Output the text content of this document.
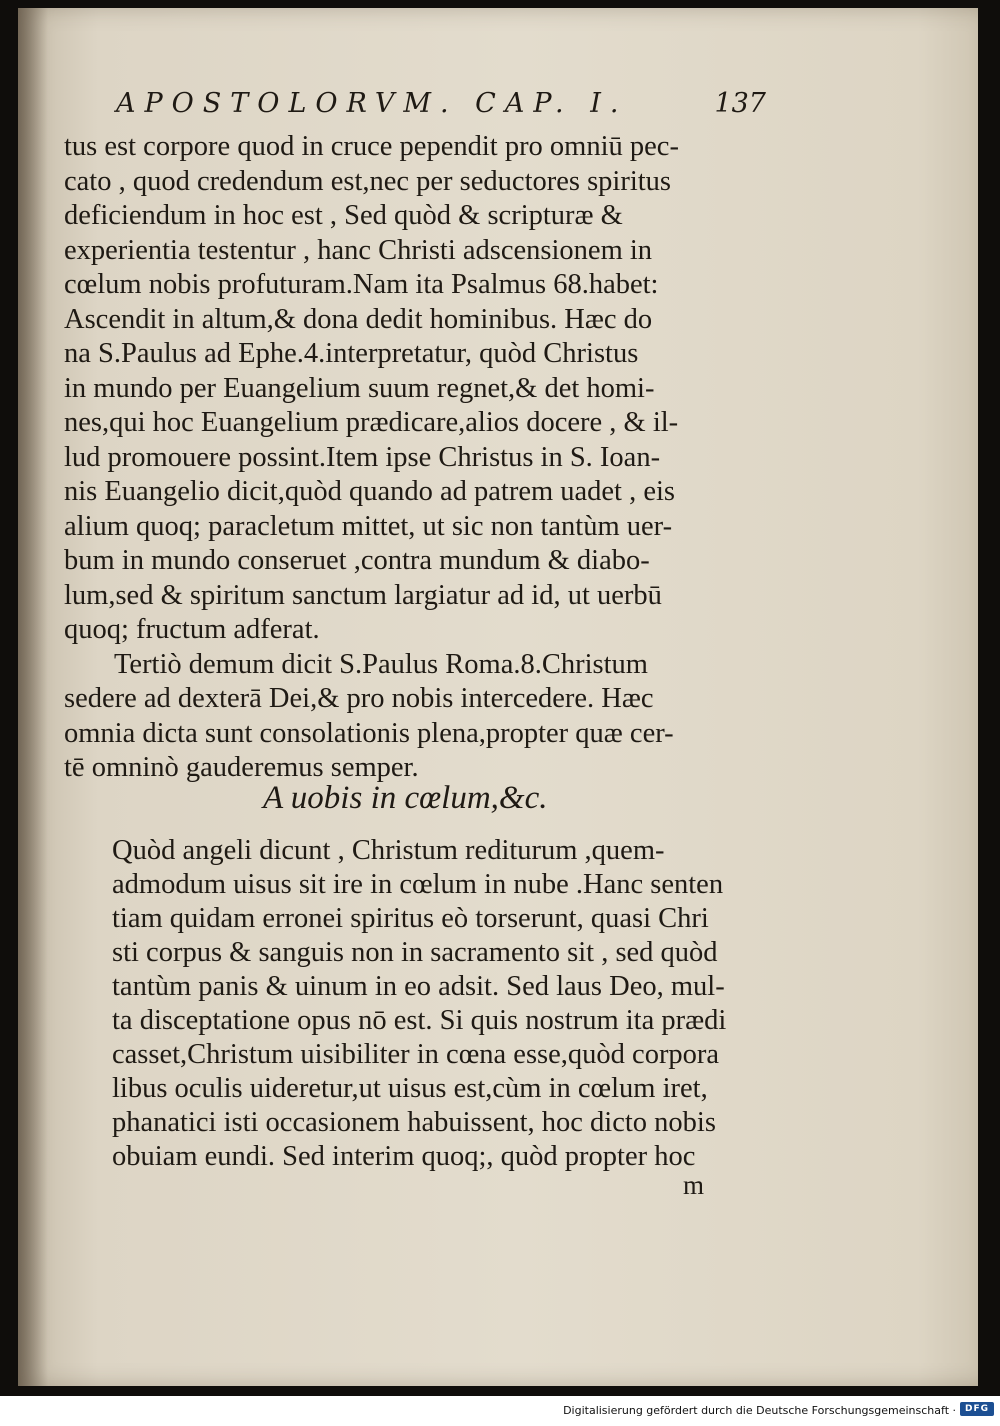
APOSTOLORVM. CAP. I.	137
tus est corpore quod in cruce pependit pro omniū pec-
cato , quod credendum est,nec per seductores spiritus
deficiendum in hoc est , Sed quòd & scripturæ &
experientia testentur , hanc Christi adscensionem in
cœlum nobis profuturam.Nam ita Psalmus 68.habet:
Ascendit in altum,& dona dedit hominibus. Hæc do
na S.Paulus ad Ephe.4.interpretatur, quòd Christus
in mundo per Euangelium suum regnet,& det homi-
nes,qui hoc Euangelium prædicare,alios docere , & il-
lud promouere possint.Item ipse Christus in S. Ioan-
nis Euangelio dicit,quòd quando ad patrem uadet , eis
alium quoq; paracletum mittet, ut sic non tantùm uer-
bum in mundo conseruet ,contra mundum & diabo-
lum,sed & spiritum sanctum largiatur ad id, ut uerbū
quoq; fructum adferat.
Tertiò demum dicit S.Paulus Roma.8.Christum
sedere ad dexterā Dei,& pro nobis intercedere. Hæc
omnia dicta sunt consolationis plena,propter quæ cer-
tē omninò gauderemus semper.
A uobis in cœlum,&c.
Quòd angeli dicunt , Christum rediturum ,quem-
admodum uisus sit ire in cœlum in nube .Hanc senten
tiam quidam erronei spiritus eò torserunt, quasi Chri
sti corpus & sanguis non in sacramento sit , sed quòd
tantùm panis & uinum in eo adsit. Sed laus Deo, mul-
ta disceptatione opus nō est. Si quis nostrum ita prædi
casset,Christum uisibiliter in cœna esse,quòd corpora
libus oculis uideretur,ut uisus est,cùm in cœlum iret,
phanatici isti occasionem habuissent, hoc dicto nobis
obuiam eundi. Sed interim quoq;, quòd propter hoc
m
Digitalisierung gefördert durch die Deutsche Forschungsgemeinschaft · DFG
